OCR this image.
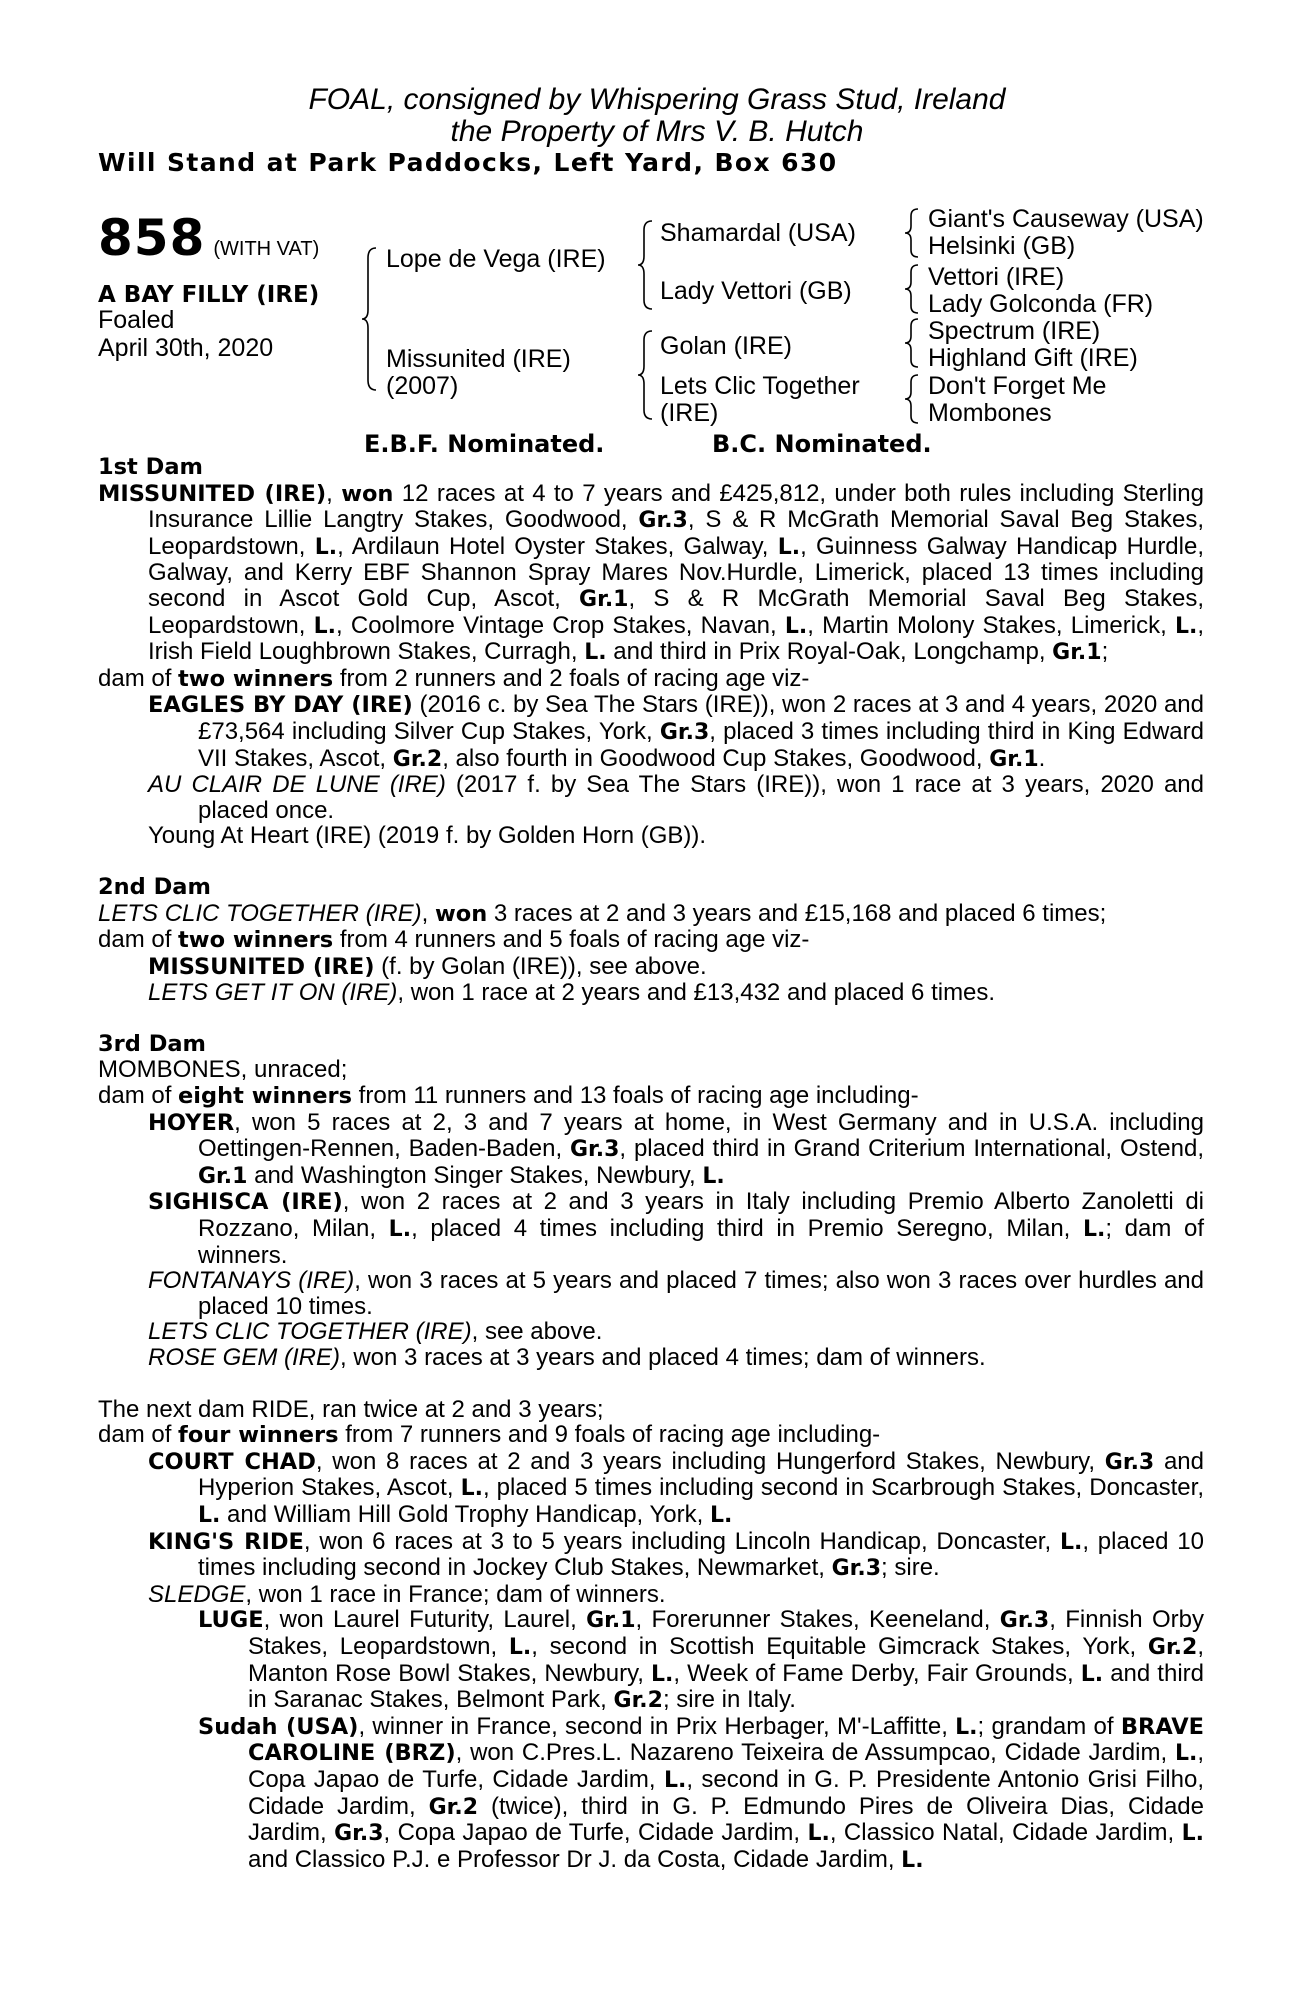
FOAL, consigned by Whispering Grass Stud, Ireland
the Property of Mrs V. B. Hutch
Will Stand at Park Paddocks, Left Yard, Box 630
858 (WITH VAT)
A BAY FILLY (IRE)
Foaled
April 30th, 2020
Lope de Vega (IRE)
Missunited (IRE)
(2007)
Shamardal (USA)
Lady Vettori (GB)
Golan (IRE)
Lets Clic Together
(IRE)
Giant's Causeway (USA)
Helsinki (GB)
Vettori (IRE)
Lady Golconda (FR)
Spectrum (IRE)
Highland Gift (IRE)
Don't Forget Me
Mombones
E.B.F. Nominated.	B.C. Nominated.

1st Dam

MISSUNITED (IRE), won 12 races at 4 to 7 years and £425,812, under both rules including Sterling Insurance Lillie Langtry Stakes, Goodwood, Gr.3, S & R McGrath Memorial Saval Beg Stakes, Leopardstown, L., Ardilaun Hotel Oyster Stakes, Galway, L., Guinness Galway Handicap Hurdle, Galway, and Kerry EBF Shannon Spray Mares Nov.Hurdle, Limerick, placed 13 times including second in Ascot Gold Cup, Ascot, Gr.1, S & R McGrath Memorial Saval Beg Stakes, Leopardstown, L., Coolmore Vintage Crop Stakes, Navan, L., Martin Molony Stakes, Limerick, L., Irish Field Loughbrown Stakes, Curragh, L. and third in Prix Royal-Oak, Longchamp, Gr.1;

dam of two winners from 2 runners and 2 foals of racing age viz-

EAGLES BY DAY (IRE) (2016 c. by Sea The Stars (IRE)), won 2 races at 3 and 4 years, 2020 and £73,564 including Silver Cup Stakes, York, Gr.3, placed 3 times including third in King Edward VII Stakes, Ascot, Gr.2, also fourth in Goodwood Cup Stakes, Goodwood, Gr.1.

AU CLAIR DE LUNE (IRE) (2017 f. by Sea The Stars (IRE)), won 1 race at 3 years, 2020 and placed once.

Young At Heart (IRE) (2019 f. by Golden Horn (GB)).

2nd Dam

LETS CLIC TOGETHER (IRE), won 3 races at 2 and 3 years and £15,168 and placed 6 times;

dam of two winners from 4 runners and 5 foals of racing age viz-

MISSUNITED (IRE) (f. by Golan (IRE)), see above.

LETS GET IT ON (IRE), won 1 race at 2 years and £13,432 and placed 6 times.

3rd Dam

MOMBONES, unraced;

dam of eight winners from 11 runners and 13 foals of racing age including-

HOYER, won 5 races at 2, 3 and 7 years at home, in West Germany and in U.S.A. including Oettingen-Rennen, Baden-Baden, Gr.3, placed third in Grand Criterium International, Ostend, Gr.1 and Washington Singer Stakes, Newbury, L.

SIGHISCA (IRE), won 2 races at 2 and 3 years in Italy including Premio Alberto Zanoletti di Rozzano, Milan, L., placed 4 times including third in Premio Seregno, Milan, L.; dam of winners.

FONTANAYS (IRE), won 3 races at 5 years and placed 7 times; also won 3 races over hurdles and placed 10 times.

LETS CLIC TOGETHER (IRE), see above.

ROSE GEM (IRE), won 3 races at 3 years and placed 4 times; dam of winners.

The next dam RIDE, ran twice at 2 and 3 years;

dam of four winners from 7 runners and 9 foals of racing age including-

COURT CHAD, won 8 races at 2 and 3 years including Hungerford Stakes, Newbury, Gr.3 and Hyperion Stakes, Ascot, L., placed 5 times including second in Scarbrough Stakes, Doncaster, L. and William Hill Gold Trophy Handicap, York, L.

KING'S RIDE, won 6 races at 3 to 5 years including Lincoln Handicap, Doncaster, L., placed 10 times including second in Jockey Club Stakes, Newmarket, Gr.3; sire.

SLEDGE, won 1 race in France; dam of winners.

LUGE, won Laurel Futurity, Laurel, Gr.1, Forerunner Stakes, Keeneland, Gr.3, Finnish Orby Stakes, Leopardstown, L., second in Scottish Equitable Gimcrack Stakes, York, Gr.2, Manton Rose Bowl Stakes, Newbury, L., Week of Fame Derby, Fair Grounds, L. and third in Saranac Stakes, Belmont Park, Gr.2; sire in Italy.

Sudah (USA), winner in France, second in Prix Herbager, M'-Laffitte, L.; grandam of BRAVE CAROLINE (BRZ), won C.Pres.L. Nazareno Teixeira de Assumpcao, Cidade Jardim, L., Copa Japao de Turfe, Cidade Jardim, L., second in G. P. Presidente Antonio Grisi Filho, Cidade Jardim, Gr.2 (twice), third in G. P. Edmundo Pires de Oliveira Dias, Cidade Jardim, Gr.3, Copa Japao de Turfe, Cidade Jardim, L., Classico Natal, Cidade Jardim, L. and Classico P.J. e Professor Dr J. da Costa, Cidade Jardim, L.
